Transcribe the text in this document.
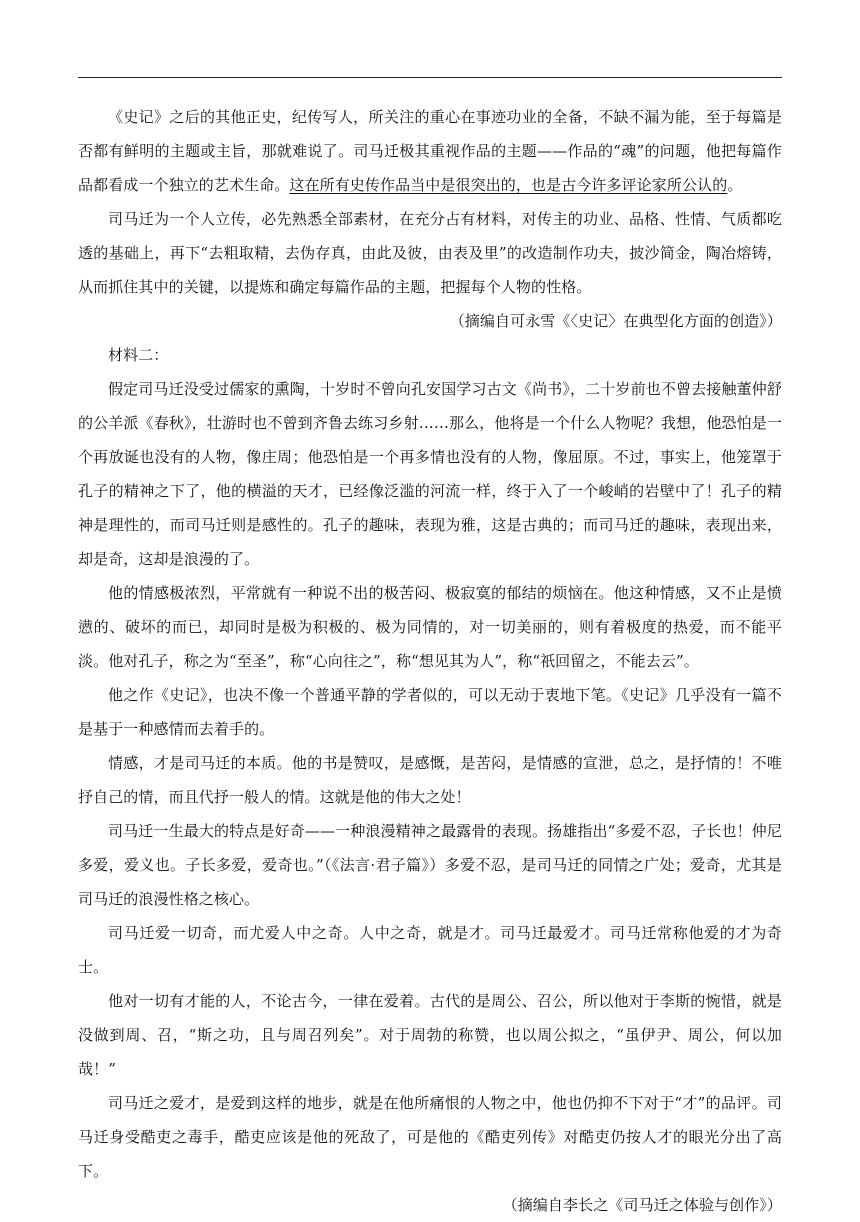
《史记》之后的其他正史，纪传写人，所关注的重心在事迹功业的全备，不缺不漏为能，至于每篇是否都有鲜明的主题或主旨，那就难说了。司马迁极其重视作品的主题——作品的“魂”的问题，他把每篇作品都看成一个独立的艺术生命。这在所有史传作品当中是很突出的，也是古今许多评论家所公认的。

司马迁为一个人立传，必先熟悉全部素材，在充分占有材料，对传主的功业、品格、性情、气质都吃透的基础上，再下“去粗取精，去伪存真，由此及彼，由表及里”的改造制作功夫，披沙简金，陶冶熔铸，从而抓住其中的关键，以提炼和确定每篇作品的主题，把握每个人物的性格。

（摘编自可永雪《〈史记〉在典型化方面的创造》）

材料二：

假定司马迁没受过儒家的熏陶，十岁时不曾向孔安国学习古文《尚书》，二十岁前也不曾去接触董仲舒的公羊派《春秋》，壮游时也不曾到齐鲁去练习乡射……那么，他将是一个什么人物呢？我想，他恐怕是一个再放诞也没有的人物，像庄周；他恐怕是一个再多情也没有的人物，像屈原。不过，事实上，他笼罩于孔子的精神之下了，他的横溢的天才，已经像泛滥的河流一样，终于入了一个峻峭的岩壁中了！孔子的精神是理性的，而司马迁则是感性的。孔子的趣味，表现为雅，这是古典的；而司马迁的趣味，表现出来，却是奇，这却是浪漫的了。

他的情感极浓烈，平常就有一种说不出的极苦闷、极寂寞的郁结的烦恼在。他这种情感，又不止是愤懑的、破坏的而已，却同时是极为积极的、极为同情的，对一切美丽的，则有着极度的热爱，而不能平淡。他对孔子，称之为“至圣”，称“心向往之”，称“想见其为人”，称“祇回留之，不能去云”。

他之作《史记》，也决不像一个普通平静的学者似的，可以无动于衷地下笔。《史记》几乎没有一篇不是基于一种感情而去着手的。

情感，才是司马迁的本质。他的书是赞叹，是感慨，是苦闷，是情感的宣泄，总之，是抒情的！不唯抒自己的情，而且代抒一般人的情。这就是他的伟大之处！

司马迁一生最大的特点是好奇——一种浪漫精神之最露骨的表现。扬雄指出“多爱不忍，子长也！仲尼多爱，爱义也。子长多爱，爱奇也。”（《法言·君子篇》）多爱不忍，是司马迁的同情之广处；爱奇，尤其是司马迁的浪漫性格之核心。

司马迁爱一切奇，而尤爱人中之奇。人中之奇，就是才。司马迁最爱才。司马迁常称他爱的才为奇士。

他对一切有才能的人，不论古今，一律在爱着。古代的是周公、召公，所以他对于李斯的惋惜，就是没做到周、召，“斯之功，且与周召列矣”。对于周勃的称赞，也以周公拟之，“虽伊尹、周公，何以加哉！”

司马迁之爱才，是爱到这样的地步，就是在他所痛恨的人物之中，他也仍抑不下对于“才”的品评。司马迁身受酷吏之毒手，酷吏应该是他的死敌了，可是他的《酷吏列传》对酷吏仍按人才的眼光分出了高下。

（摘编自李长之《司马迁之体验与创作》）
